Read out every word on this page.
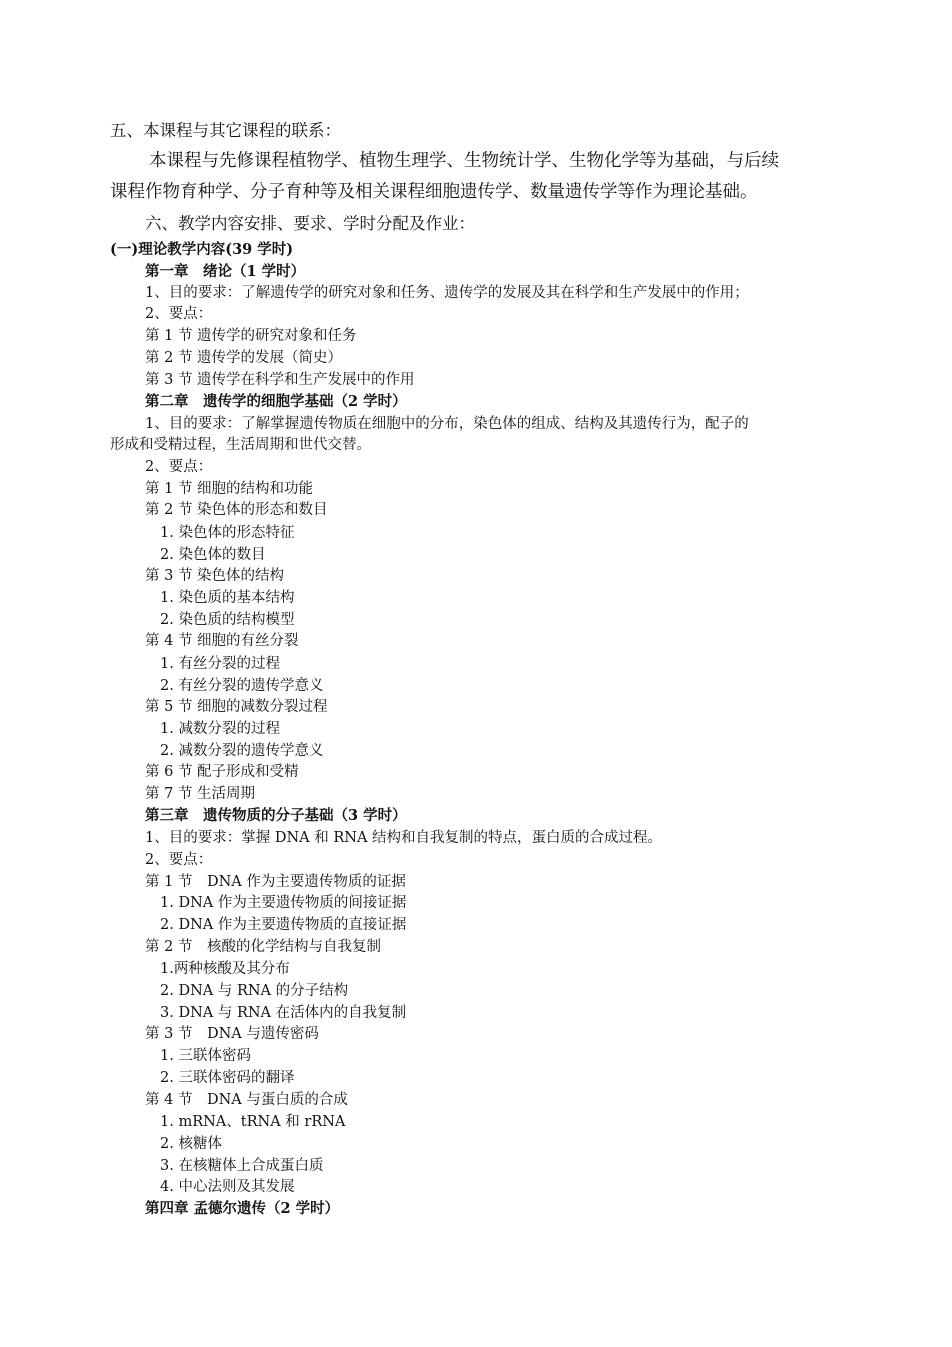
五、本课程与其它课程的联系：
本课程与先修课程植物学、植物生理学、生物统计学、生物化学等为基础，与后续
课程作物育种学、分子育种等及相关课程细胞遗传学、数量遗传学等作为理论基础。
六、教学内容安排、要求、学时分配及作业：
(一)理论教学内容(39 学时)
第一章　绪论（1 学时）
1、目的要求：了解遗传学的研究对象和任务、遗传学的发展及其在科学和生产发展中的作用；
2、要点：
第 1 节 遗传学的研究对象和任务
第 2 节 遗传学的发展（简史）
第 3 节 遗传学在科学和生产发展中的作用
第二章　遗传学的细胞学基础（2 学时）
1、目的要求：了解掌握遗传物质在细胞中的分布，染色体的组成、结构及其遗传行为，配子的
形成和受精过程，生活周期和世代交替。
2、要点：
第 1 节 细胞的结构和功能
第 2 节 染色体的形态和数目
1. 染色体的形态特征
2. 染色体的数目
第 3 节 染色体的结构
1. 染色质的基本结构
2. 染色质的结构模型
第 4 节 细胞的有丝分裂
1. 有丝分裂的过程
2. 有丝分裂的遗传学意义
第 5 节 细胞的减数分裂过程
1. 减数分裂的过程
2. 减数分裂的遗传学意义
第 6 节 配子形成和受精
第 7 节 生活周期
第三章　遗传物质的分子基础（3 学时）
1、目的要求：掌握 DNA 和 RNA 结构和自我复制的特点，蛋白质的合成过程。
2、要点：
第 1 节　DNA 作为主要遗传物质的证据
1. DNA 作为主要遗传物质的间接证据
2. DNA 作为主要遗传物质的直接证据
第 2 节　核酸的化学结构与自我复制
1.两种核酸及其分布
2. DNA 与 RNA 的分子结构
3. DNA 与 RNA 在活体内的自我复制
第 3 节　DNA 与遗传密码
1. 三联体密码
2. 三联体密码的翻译
第 4 节　DNA 与蛋白质的合成
1. mRNA、tRNA 和 rRNA
2. 核糖体
3. 在核糖体上合成蛋白质
4. 中心法则及其发展
第四章 孟德尔遗传（2 学时）
